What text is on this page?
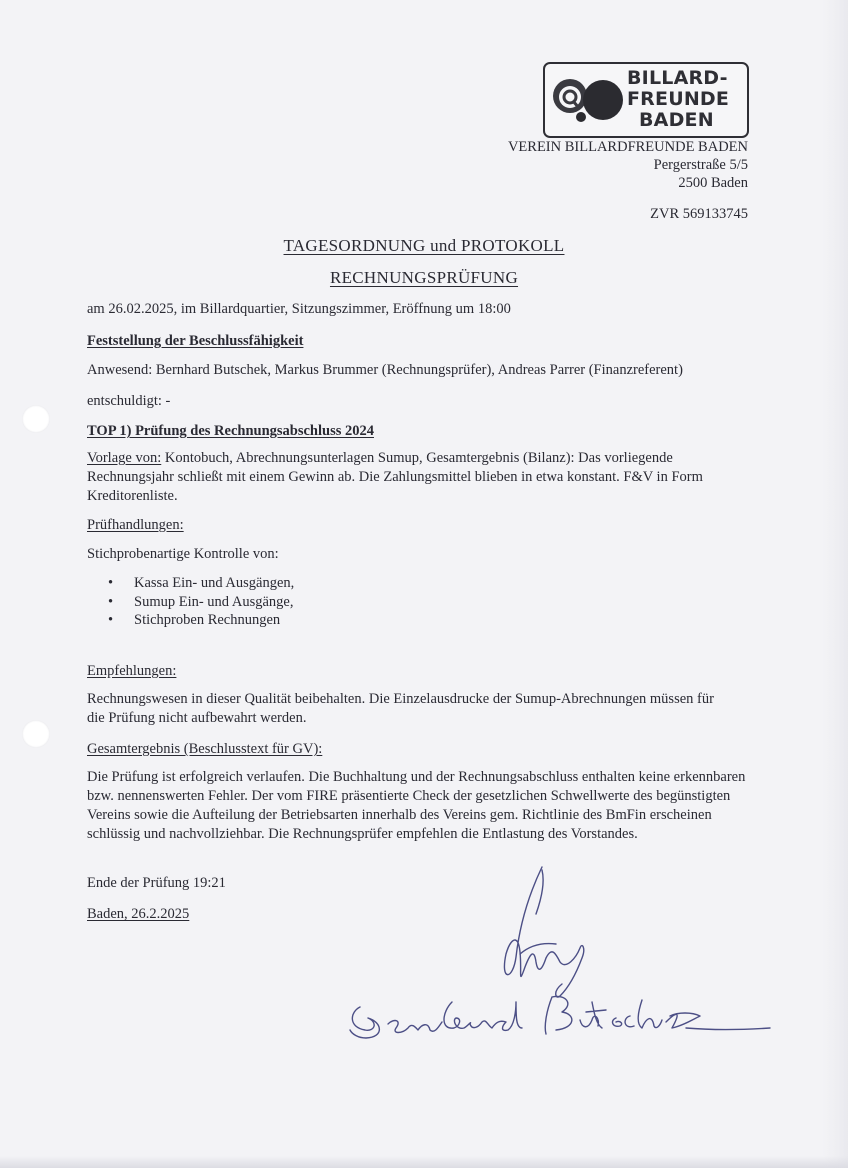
BILLARD-
FREUNDE
BADEN
VEREIN BILLARDFREUNDE BADEN
Pergerstraße 5/5
2500 Baden
ZVR 569133745
TAGESORDNUNG und PROTOKOLL
RECHNUNGSPRÜFUNG
am 26.02.2025, im Billardquartier, Sitzungszimmer, Eröffnung um 18:00
Feststellung der Beschlussfähigkeit
Anwesend: Bernhard Butschek, Markus Brummer (Rechnungsprüfer), Andreas Parrer (Finanzreferent)
entschuldigt: -
TOP 1) Prüfung des Rechnungsabschluss 2024
Vorlage von: Kontobuch, Abrechnungsunterlagen Sumup, Gesamtergebnis (Bilanz): Das vorliegende Rechnungsjahr schließt mit einem Gewinn ab. Die Zahlungsmittel blieben in etwa konstant. F&V in Form Kreditorenliste.
Prüfhandlungen:
Stichprobenartige Kontrolle von:
• Kassa Ein- und Ausgängen,
• Sumup Ein- und Ausgänge,
• Stichproben Rechnungen
Empfehlungen:
Rechnungswesen in dieser Qualität beibehalten. Die Einzelausdrucke der Sumup-Abrechnungen müssen für die Prüfung nicht aufbewahrt werden.
Gesamtergebnis (Beschlusstext für GV):
Die Prüfung ist erfolgreich verlaufen. Die Buchhaltung und der Rechnungsabschluss enthalten keine erkennbaren bzw. nennenswerten Fehler. Der vom FIRE präsentierte Check der gesetzlichen Schwellwerte des begünstigten Vereins sowie die Aufteilung der Betriebsarten innerhalb des Vereins gem. Richtlinie des BmFin erscheinen schlüssig und nachvollziehbar. Die Rechnungsprüfer empfehlen die Entlastung des Vorstandes.
Ende der Prüfung 19:21
Baden, 26.2.2025
